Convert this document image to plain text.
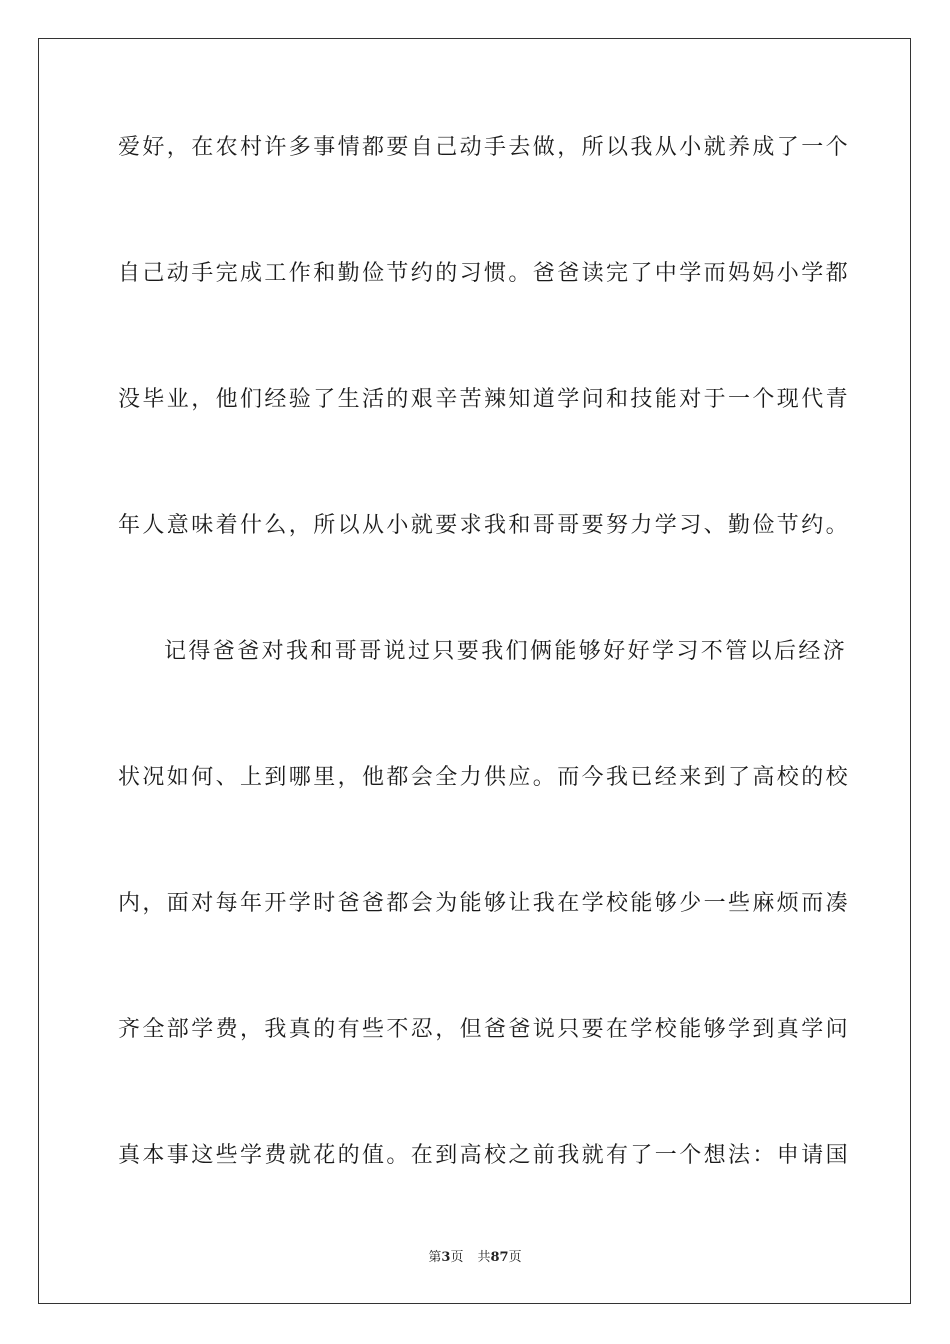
爱好，在农村许多事情都要自己动手去做，所以我从小就养成了一个
自己动手完成工作和勤俭节约的习惯。爸爸读完了中学而妈妈小学都
没毕业，他们经验了生活的艰辛苦辣知道学问和技能对于一个现代青
年人意味着什么，所以从小就要求我和哥哥要努力学习、勤俭节约。
记得爸爸对我和哥哥说过只要我们俩能够好好学习不管以后经济
状况如何、上到哪里，他都会全力供应。而今我已经来到了高校的校
内，面对每年开学时爸爸都会为能够让我在学校能够少一些麻烦而凑
齐全部学费，我真的有些不忍，但爸爸说只要在学校能够学到真学问
真本事这些学费就花的值。在到高校之前我就有了一个想法：申请国
第3页 共87页
